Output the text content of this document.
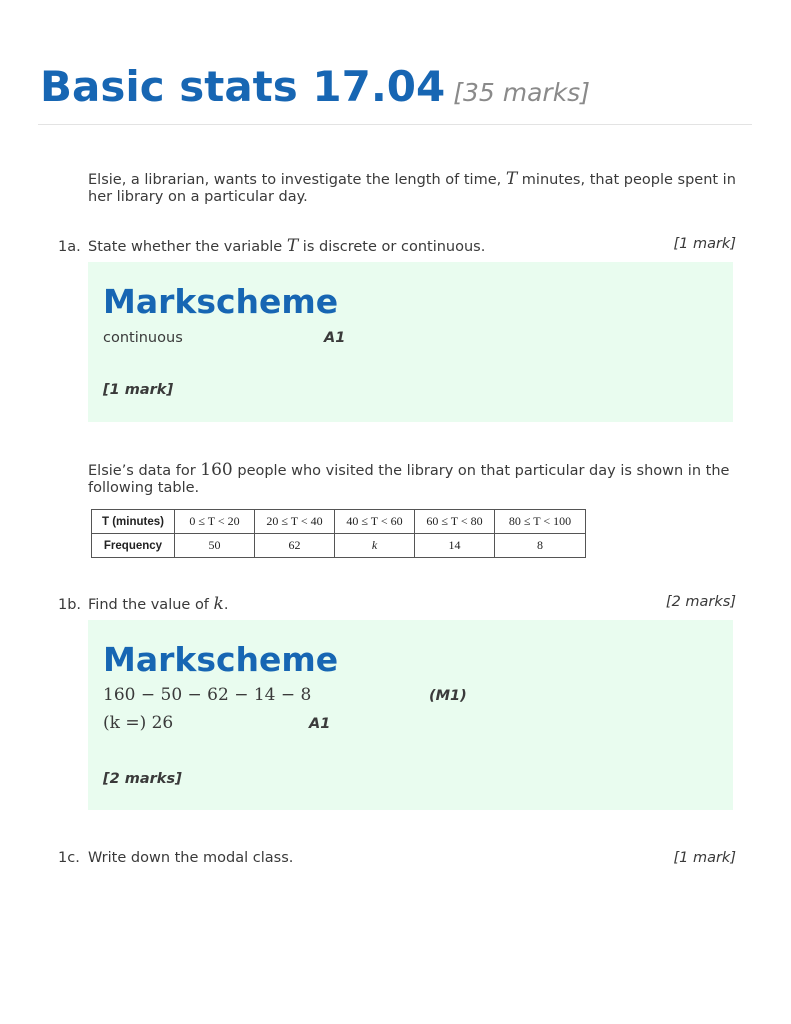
Basic stats 17.04 [35 marks]
Elsie, a librarian, wants to investigate the length of time, T minutes, that people spent in her library on a particular day.
1a. State whether the variable T is discrete or continuous.	[1 mark]
Markscheme
continuous	A1
[1 mark]
Elsie’s data for 160 people who visited the library on that particular day is shown in the following table.
T (minutes)	0 ≤ T < 20	20 ≤ T < 40	40 ≤ T < 60	60 ≤ T < 80	80 ≤ T < 100
Frequency	50	62	k	14	8
1b. Find the value of k.	[2 marks]
Markscheme
160 − 50 − 62 − 14 − 8	(M1)
(k =) 26	A1
[2 marks]
1c. Write down the modal class.	[1 mark]
